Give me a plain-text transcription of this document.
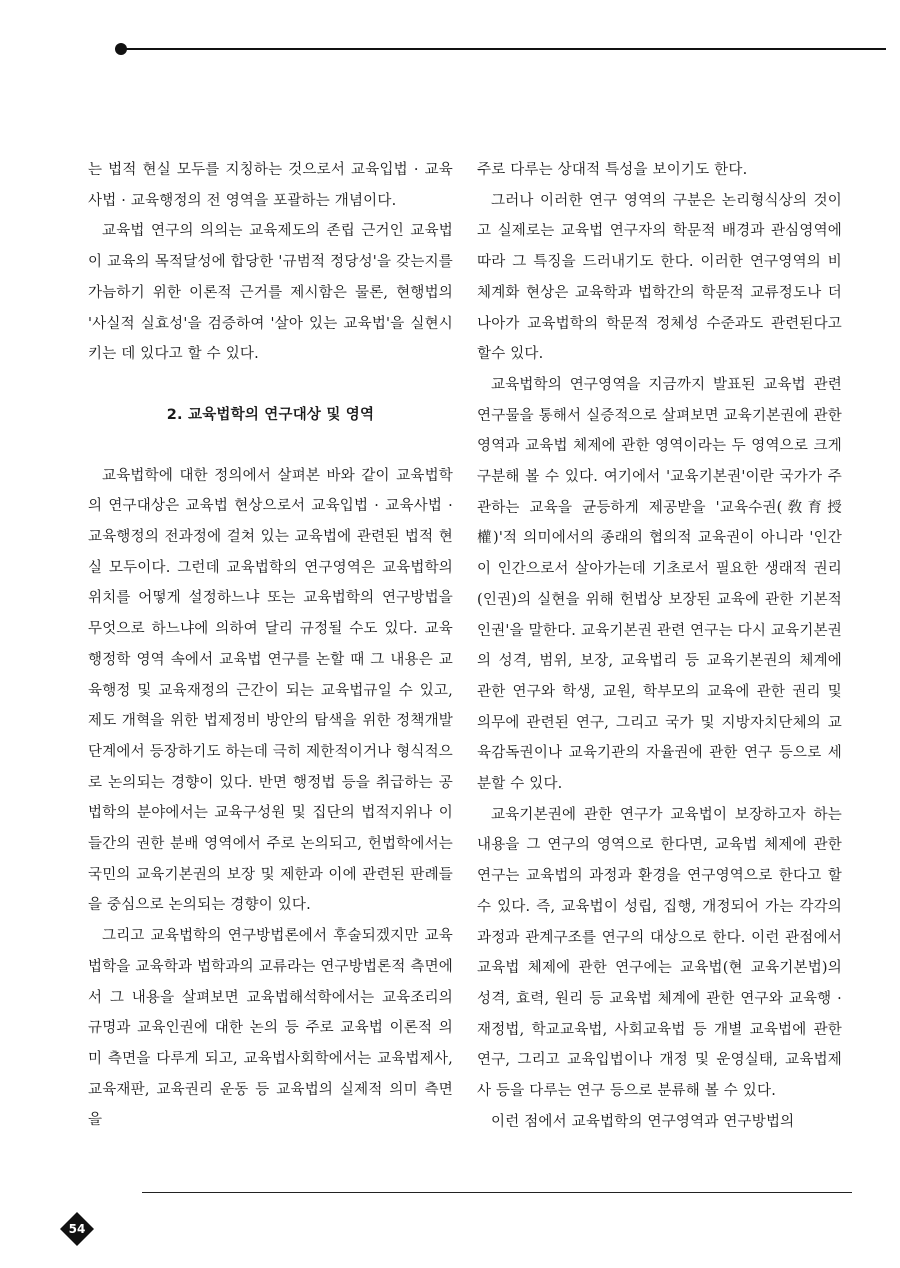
는 법적 현실 모두를 지칭하는 것으로서 교육입법 · 교육사법 · 교육행정의 전 영역을 포괄하는 개념이다.

교육법 연구의 의의는 교육제도의 존립 근거인 교육법이 교육의 목적달성에 합당한 '규범적 정당성'을 갖는지를 가늠하기 위한 이론적 근거를 제시함은 물론, 현행법의 '사실적 실효성'을 검증하여 '살아 있는 교육법'을 실현시키는 데 있다고 할 수 있다.

2. 교육법학의 연구대상 및 영역

교육법학에 대한 정의에서 살펴본 바와 같이 교육법학의 연구대상은 교육법 현상으로서 교육입법 · 교육사법 · 교육행정의 전과정에 걸쳐 있는 교육법에 관련된 법적 현실 모두이다. 그런데 교육법학의 연구영역은 교육법학의 위치를 어떻게 설정하느냐 또는 교육법학의 연구방법을 무엇으로 하느냐에 의하여 달리 규정될 수도 있다. 교육행정학 영역 속에서 교육법 연구를 논할 때 그 내용은 교육행정 및 교육재정의 근간이 되는 교육법규일 수 있고, 제도 개혁을 위한 법제정비 방안의 탐색을 위한 정책개발 단계에서 등장하기도 하는데 극히 제한적이거나 형식적으로 논의되는 경향이 있다. 반면 행정법 등을 취급하는 공법학의 분야에서는 교육구성원 및 집단의 법적지위나 이들간의 권한 분배 영역에서 주로 논의되고, 헌법학에서는 국민의 교육기본권의 보장 및 제한과 이에 관련된 판례들을 중심으로 논의되는 경향이 있다.

그리고 교육법학의 연구방법론에서 후술되겠지만 교육법학을 교육학과 법학과의 교류라는 연구방법론적 측면에서 그 내용을 살펴보면 교육법해석학에서는 교육조리의 규명과 교육인권에 대한 논의 등 주로 교육법 이론적 의미 측면을 다루게 되고, 교육법사회학에서는 교육법제사, 교육재판, 교육권리 운동 등 교육법의 실제적 의미 측면을

주로 다루는 상대적 특성을 보이기도 한다.

그러나 이러한 연구 영역의 구분은 논리형식상의 것이고 실제로는 교육법 연구자의 학문적 배경과 관심영역에 따라 그 특징을 드러내기도 한다. 이러한 연구영역의 비체계화 현상은 교육학과 법학간의 학문적 교류정도나 더 나아가 교육법학의 학문적 정체성 수준과도 관련된다고 할수 있다.

교육법학의 연구영역을 지금까지 발표된 교육법 관련 연구물을 통해서 실증적으로 살펴보면 교육기본권에 관한 영역과 교육법 체제에 관한 영역이라는 두 영역으로 크게 구분해 볼 수 있다. 여기에서 '교육기본권'이란 국가가 주관하는 교육을 균등하게 제공받을 '교육수권(敎育授權)'적 의미에서의 종래의 협의적 교육권이 아니라 '인간이 인간으로서 살아가는데 기초로서 필요한 생래적 권리(인권)의 실현을 위해 헌법상 보장된 교육에 관한 기본적 인권'을 말한다. 교육기본권 관련 연구는 다시 교육기본권의 성격, 범위, 보장, 교육법리 등 교육기본권의 체계에 관한 연구와 학생, 교원, 학부모의 교육에 관한 권리 및 의무에 관련된 연구, 그리고 국가 및 지방자치단체의 교육감독권이나 교육기관의 자율권에 관한 연구 등으로 세분할 수 있다.

교육기본권에 관한 연구가 교육법이 보장하고자 하는 내용을 그 연구의 영역으로 한다면, 교육법 체제에 관한 연구는 교육법의 과정과 환경을 연구영역으로 한다고 할 수 있다. 즉, 교육법이 성립, 집행, 개정되어 가는 각각의 과정과 관계구조를 연구의 대상으로 한다. 이런 관점에서 교육법 체제에 관한 연구에는 교육법(현 교육기본법)의 성격, 효력, 원리 등 교육법 체계에 관한 연구와 교육행 · 재정법, 학교교육법, 사회교육법 등 개별 교육법에 관한 연구, 그리고 교육입법이나 개정 및 운영실태, 교육법제사 등을 다루는 연구 등으로 분류해 볼 수 있다.

이런 점에서 교육법학의 연구영역과 연구방법의

54
